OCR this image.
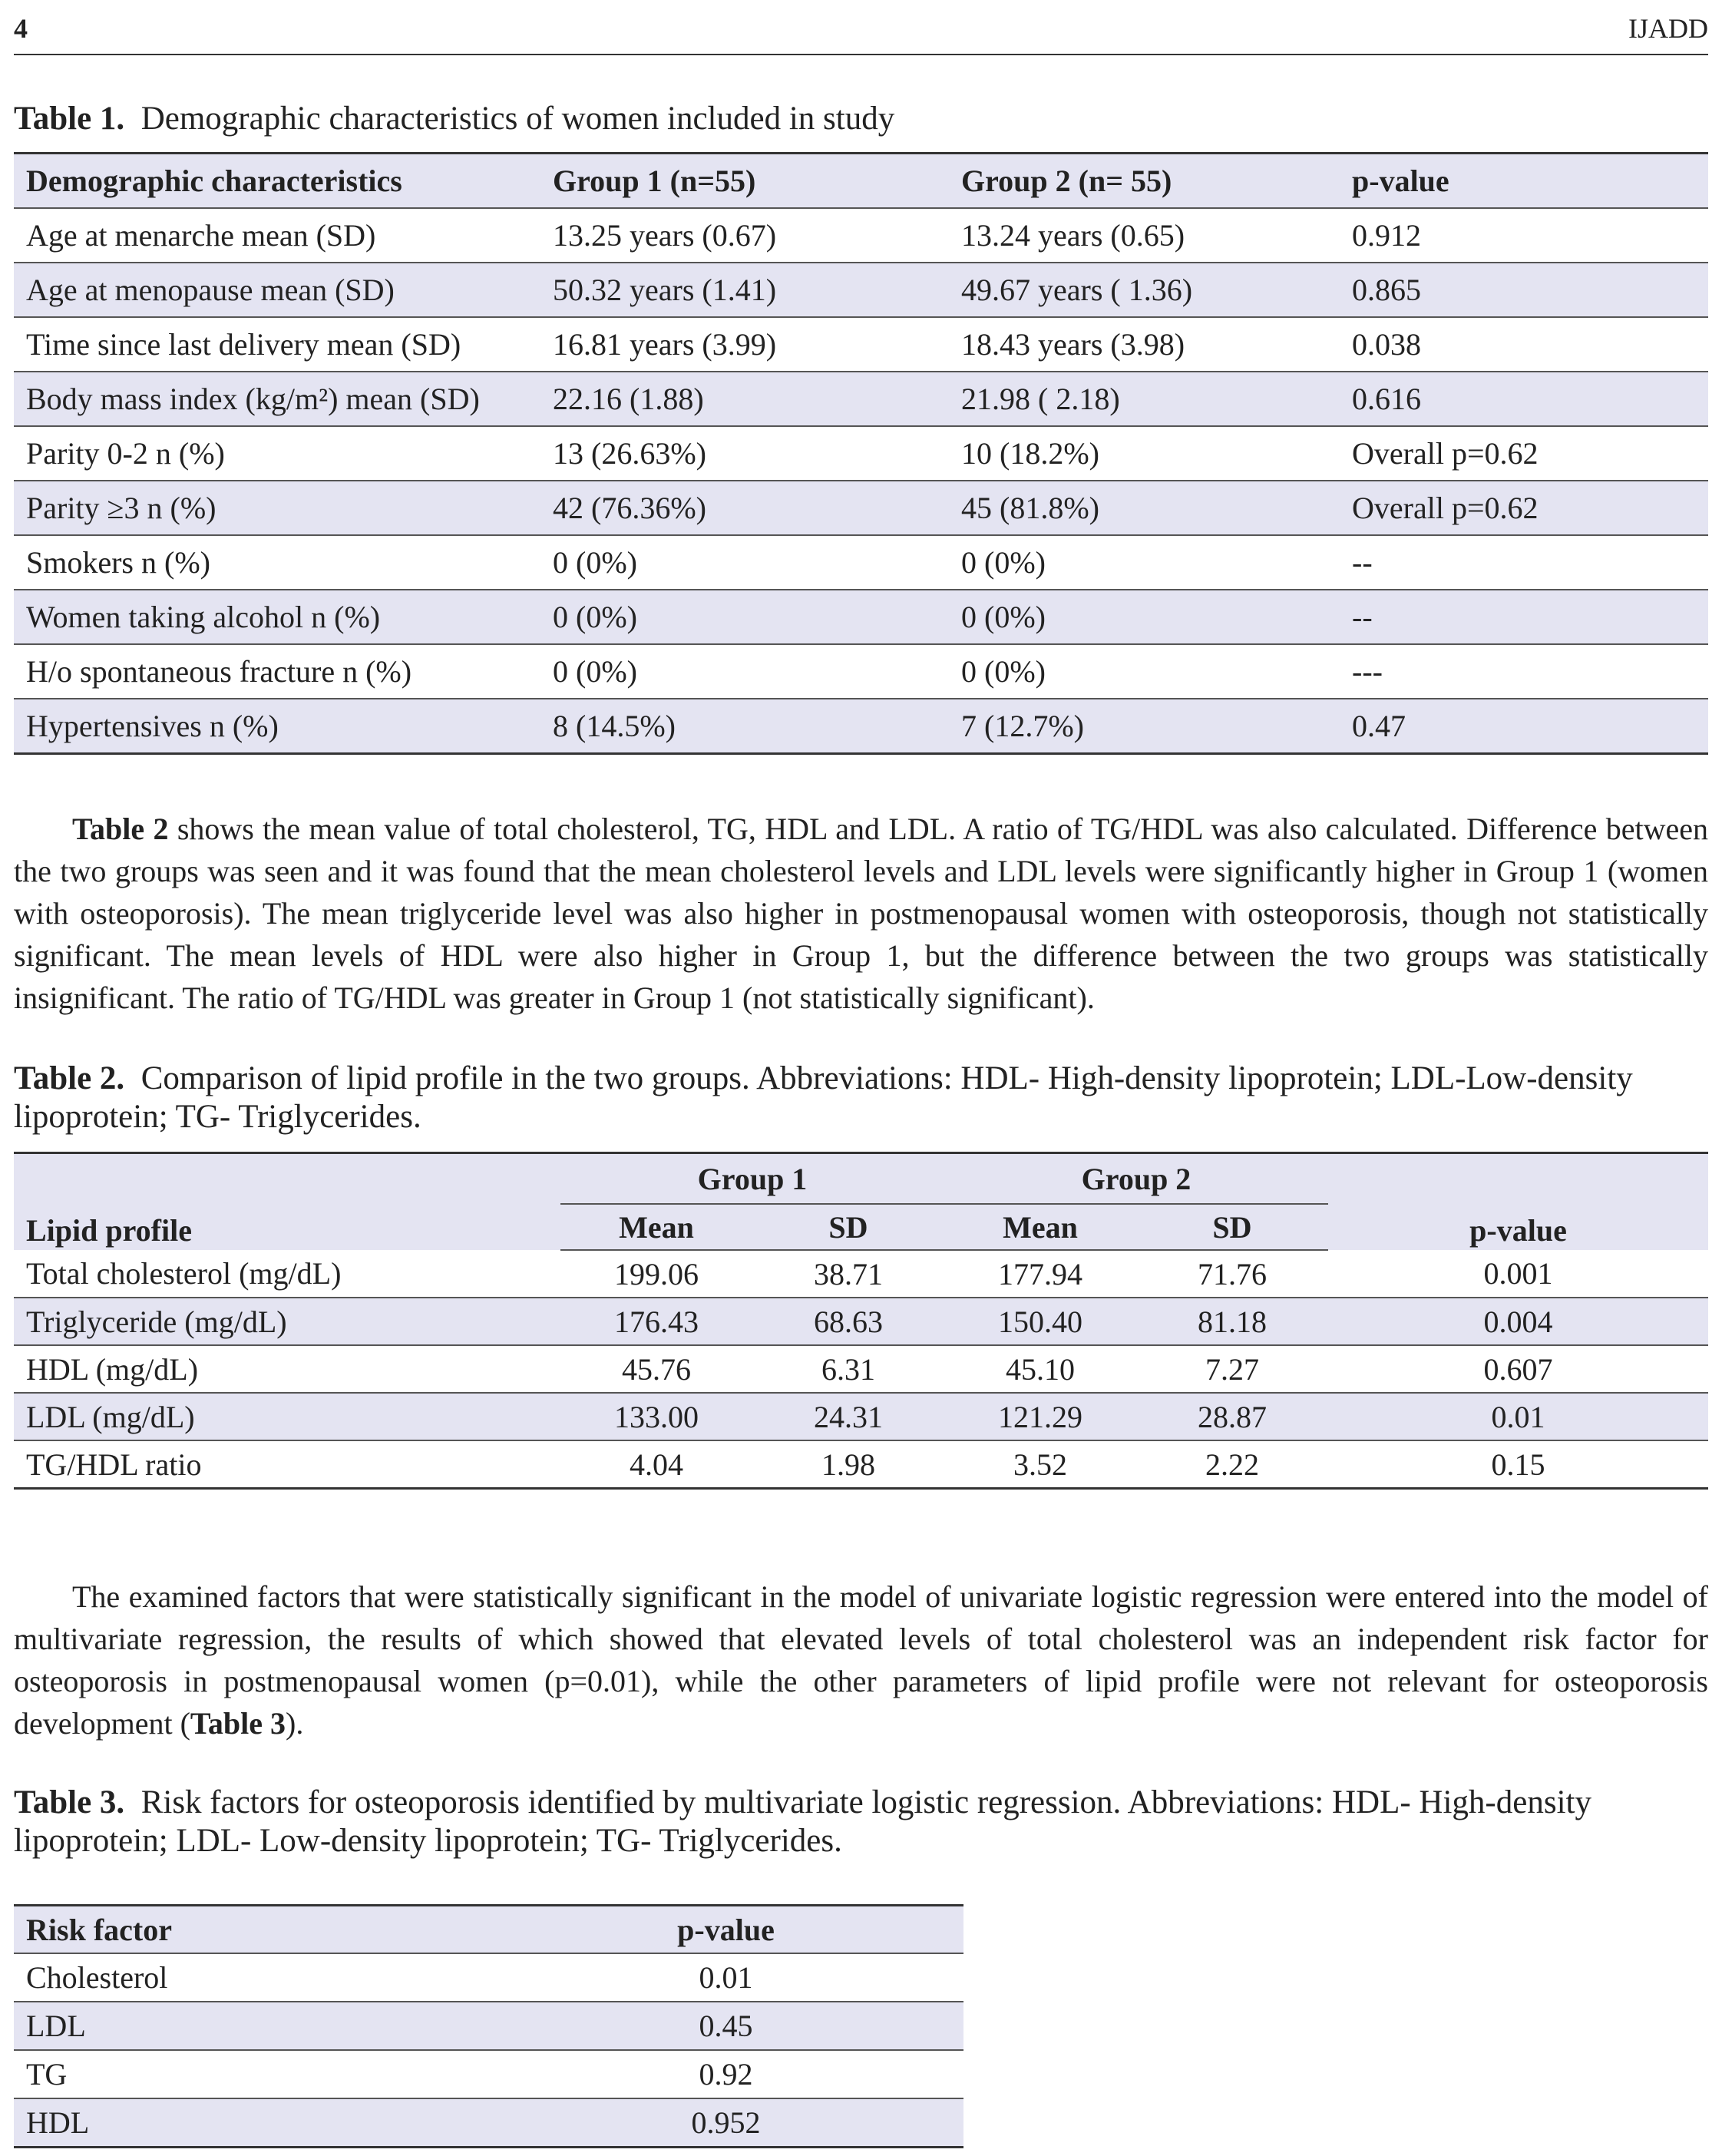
4	IJADD
Table 1. Demographic characteristics of women included in study
Demographic characteristics	Group 1 (n=55)	Group 2 (n= 55)	p-value
Age at menarche mean (SD)	13.25 years (0.67)	13.24 years (0.65)	0.912
Age at menopause mean (SD)	50.32 years (1.41)	49.67 years ( 1.36)	0.865
Time since last delivery mean (SD)	16.81 years (3.99)	18.43 years (3.98)	0.038
Body mass index (kg/m²) mean (SD)	22.16 (1.88)	21.98 ( 2.18)	0.616
Parity 0-2 n (%)	13 (26.63%)	10 (18.2%)	Overall p=0.62
Parity ≥3 n (%)	42 (76.36%)	45 (81.8%)	Overall p=0.62
Smokers n (%)	0 (0%)	0 (0%)	--
Women taking alcohol n (%)	0 (0%)	0 (0%)	--
H/o spontaneous fracture n (%)	0 (0%)	0 (0%)	---
Hypertensives n (%)	8 (14.5%)	7 (12.7%)	0.47
Table 2 shows the mean value of total cholesterol, TG, HDL and LDL. A ratio of TG/HDL was also calculated. Difference between the two groups was seen and it was found that the mean cholesterol levels and LDL levels were significantly higher in Group 1 (women with osteoporosis). The mean triglyceride level was also higher in postmenopausal women with osteoporosis, though not statistically significant. The mean levels of HDL were also higher in Group 1, but the difference between the two groups was statistically insignificant. The ratio of TG/HDL was greater in Group 1 (not statistically significant).
Table 2. Comparison of lipid profile in the two groups. Abbreviations: HDL- High-density lipoprotein; LDL-Low-density lipoprotein; TG- Triglycerides.
Lipid profile	Group 1		Group 2		p-value
	Mean	SD	Mean	SD	
Total cholesterol (mg/dL)	199.06	38.71	177.94	71.76	0.001
Triglyceride (mg/dL)	176.43	68.63	150.40	81.18	0.004
HDL (mg/dL)	45.76	6.31	45.10	7.27	0.607
LDL (mg/dL)	133.00	24.31	121.29	28.87	0.01
TG/HDL ratio	4.04	1.98	3.52	2.22	0.15
The examined factors that were statistically significant in the model of univariate logistic regression were entered into the model of multivariate regression, the results of which showed that elevated levels of total cholesterol was an independent risk factor for osteoporosis in postmenopausal women (p=0.01), while the other parameters of lipid profile were not relevant for osteoporosis development (Table 3).
Table 3. Risk factors for osteoporosis identified by multivariate logistic regression. Abbreviations: HDL- High-density lipoprotein; LDL- Low-density lipoprotein; TG- Triglycerides.
Risk factor	p-value
Cholesterol	0.01
LDL	0.45
TG	0.92
HDL	0.952
